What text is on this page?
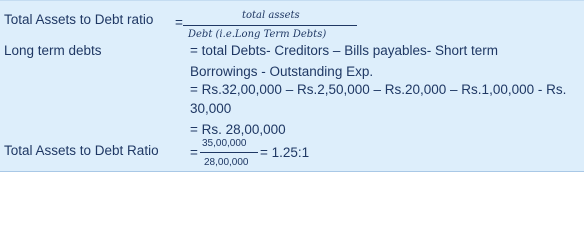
Total Assets to Debt ratio =	total assets
Debt (i.e.Long Term Debts)
Long term debts	= total Debts- Creditors – Bills payables- Short term
Borrowings - Outstanding Exp.
= Rs.32,00,000 – Rs.2,50,000 – Rs.20,000 – Rs.1,00,000 - Rs.
30,000
= Rs. 28,00,000
Total Assets to Debt Ratio =
35,00,000
28,00,000
= 1.25:1
